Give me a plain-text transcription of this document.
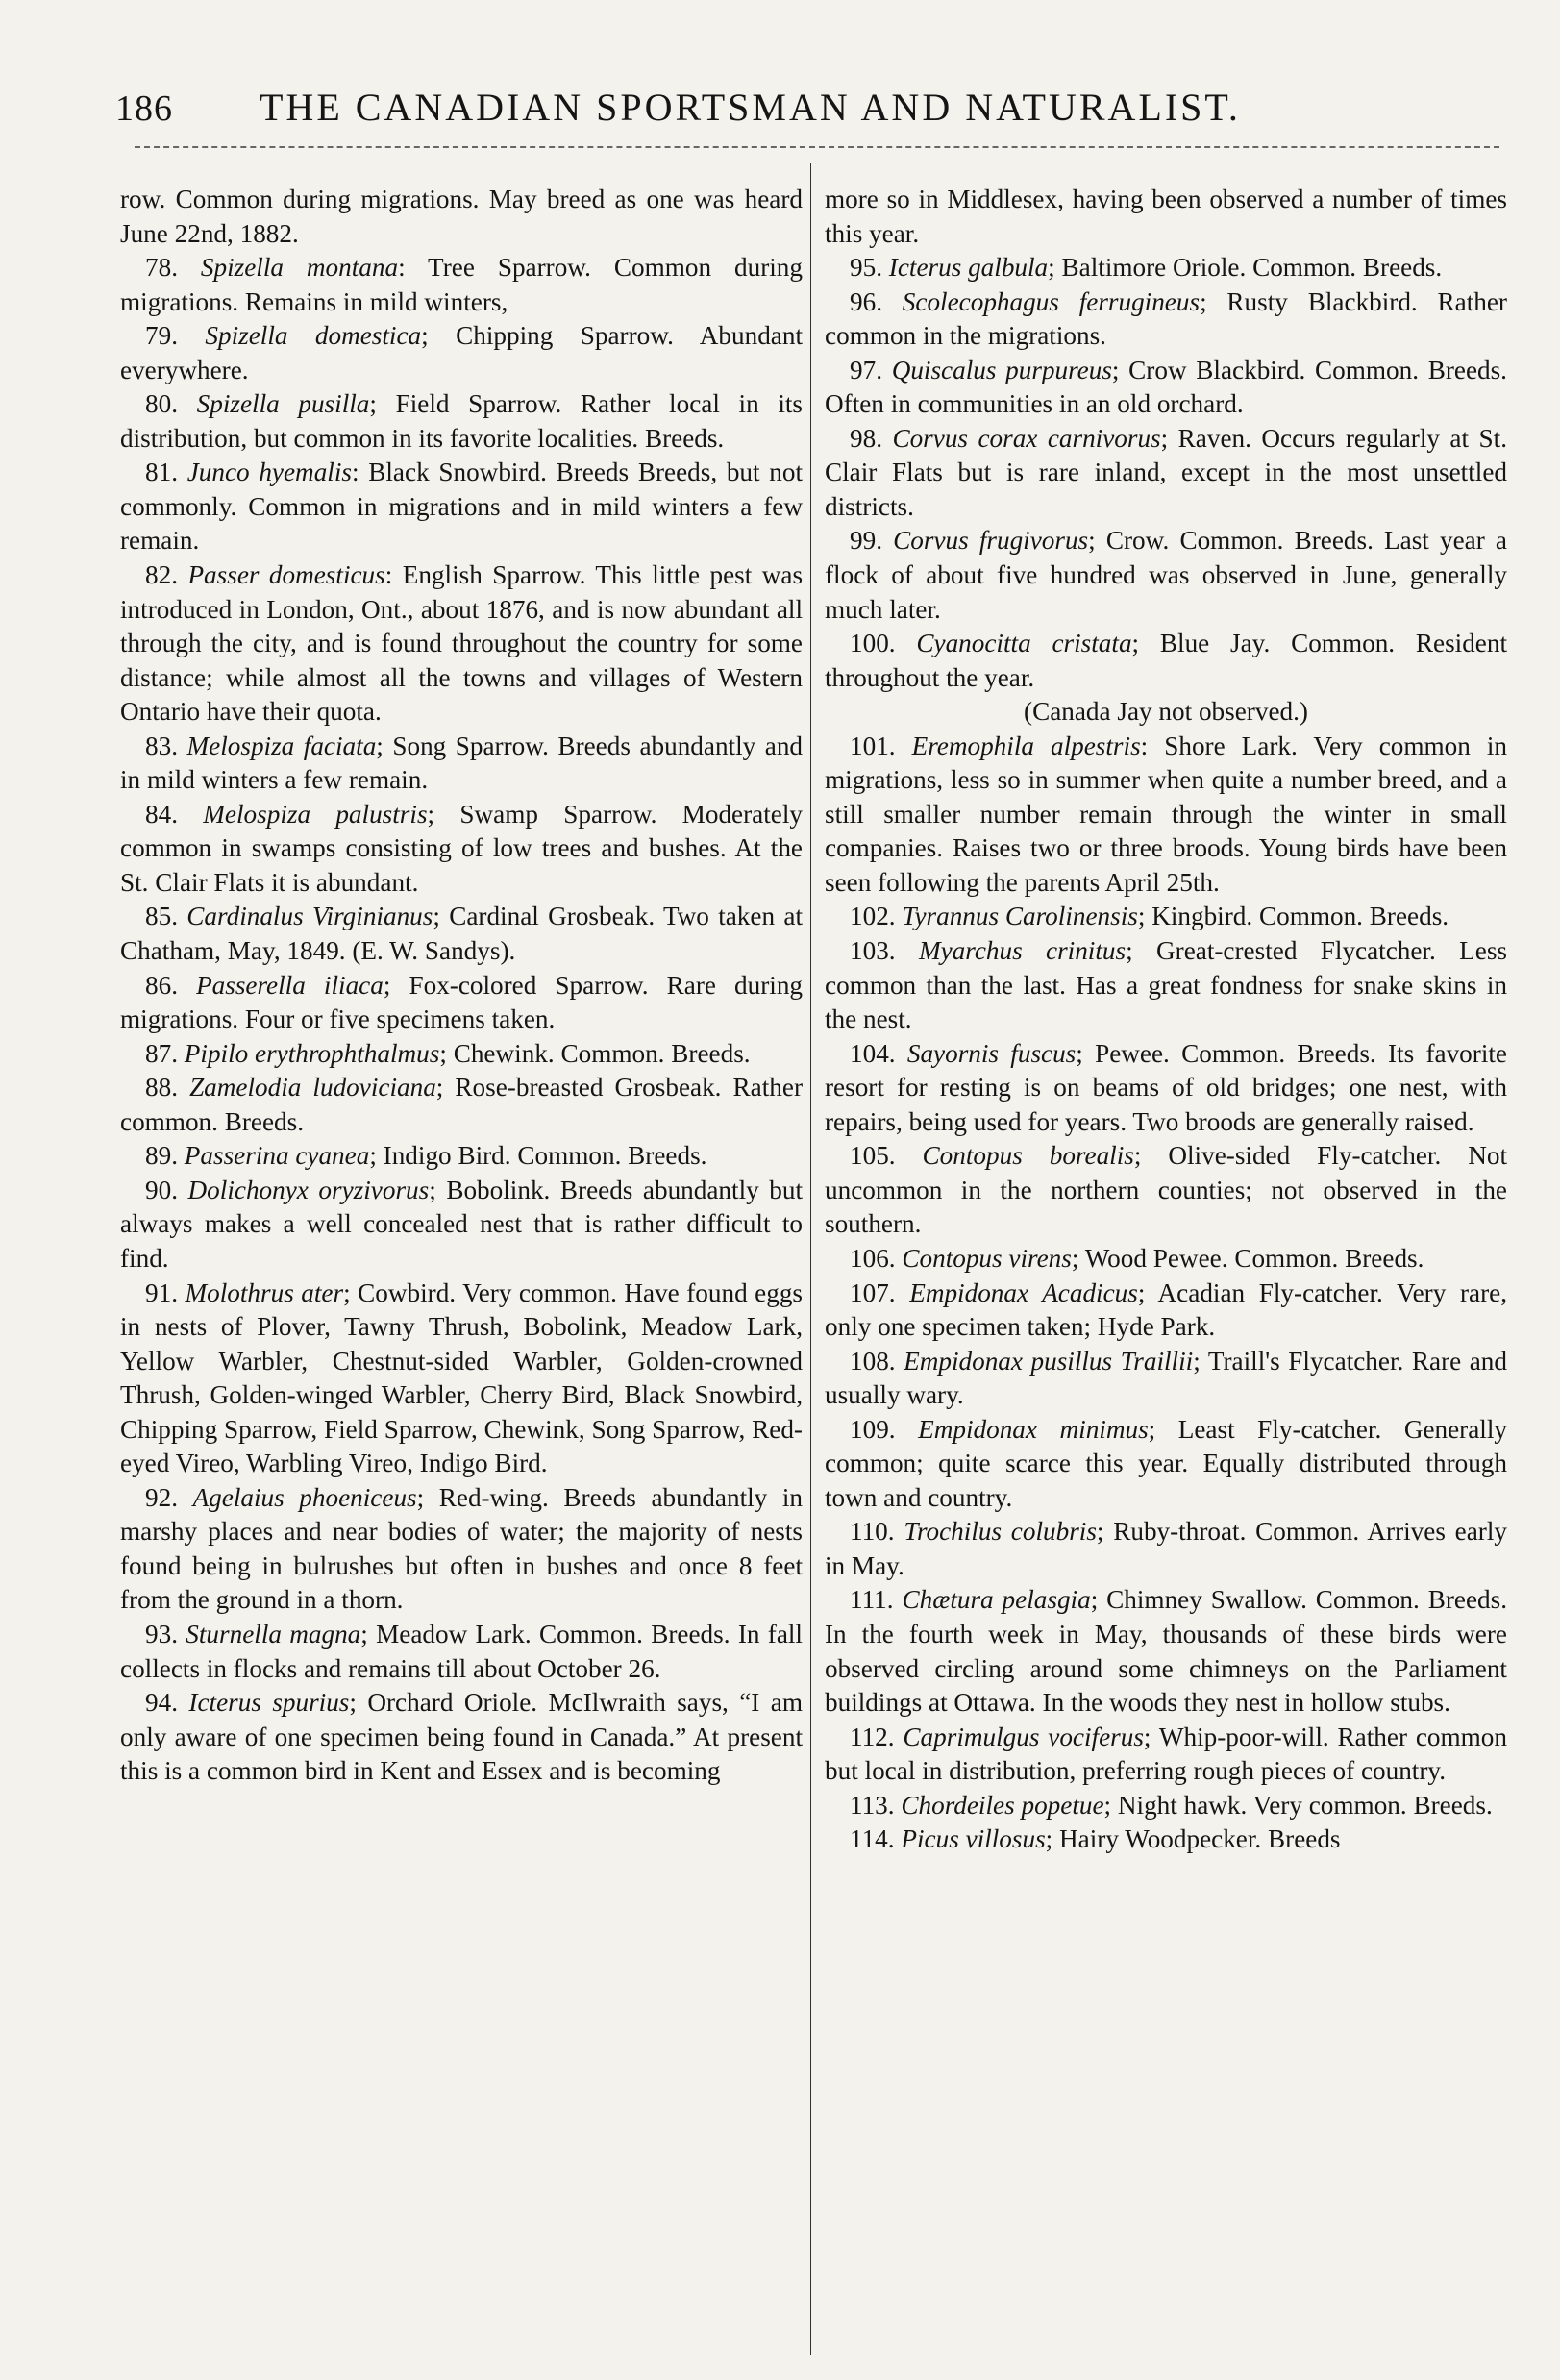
186	THE CANADIAN SPORTSMAN AND NATURALIST.

row. Common during migrations. May breed as one was heard June 22nd, 1882.

78. Spizella montana: Tree Sparrow. Common during migrations. Remains in mild winters,

79. Spizella domestica; Chipping Sparrow. Abundant everywhere.

80. Spizella pusilla; Field Sparrow. Rather local in its distribution, but common in its favorite localities. Breeds.

81. Junco hyemalis: Black Snowbird. Breeds Breeds, but not commonly. Common in migrations and in mild winters a few remain.

82. Passer domesticus: English Sparrow. This little pest was introduced in London, Ont., about 1876, and is now abundant all through the city, and is found throughout the country for some distance; while almost all the towns and villages of Western Ontario have their quota.

83. Melospiza faciata; Song Sparrow. Breeds abundantly and in mild winters a few remain.

84. Melospiza palustris; Swamp Sparrow. Moderately common in swamps consisting of low trees and bushes. At the St. Clair Flats it is abundant.

85. Cardinalus Virginianus; Cardinal Grosbeak. Two taken at Chatham, May, 1849. (E. W. Sandys).

86. Passerella iliaca; Fox-colored Sparrow. Rare during migrations. Four or five specimens taken.

87. Pipilo erythrophthalmus; Chewink. Common. Breeds.

88. Zamelodia ludoviciana; Rose-breasted Grosbeak. Rather common. Breeds.

89. Passerina cyanea; Indigo Bird. Common. Breeds.

90. Dolichonyx oryzivorus; Bobolink. Breeds abundantly but always makes a well concealed nest that is rather difficult to find.

91. Molothrus ater; Cowbird. Very common. Have found eggs in nests of Plover, Tawny Thrush, Bobolink, Meadow Lark, Yellow Warbler, Chestnut-sided Warbler, Golden-crowned Thrush, Golden-winged Warbler, Cherry Bird, Black Snowbird, Chipping Sparrow, Field Sparrow, Chewink, Song Sparrow, Red-eyed Vireo, Warbling Vireo, Indigo Bird.

92. Agelaius phoeniceus; Red-wing. Breeds abundantly in marshy places and near bodies of water; the majority of nests found being in bulrushes but often in bushes and once 8 feet from the ground in a thorn.

93. Sturnella magna; Meadow Lark. Common. Breeds. In fall collects in flocks and remains till about October 26.

94. Icterus spurius; Orchard Oriole. McIlwraith says, “I am only aware of one specimen being found in Canada.” At present this is a common bird in Kent and Essex and is becoming

more so in Middlesex, having been observed a number of times this year.

95. Icterus galbula; Baltimore Oriole. Common. Breeds.

96. Scolecophagus ferrugineus; Rusty Blackbird. Rather common in the migrations.

97. Quiscalus purpureus; Crow Blackbird. Common. Breeds. Often in communities in an old orchard.

98. Corvus corax carnivorus; Raven. Occurs regularly at St. Clair Flats but is rare inland, except in the most unsettled districts.

99. Corvus frugivorus; Crow. Common. Breeds. Last year a flock of about five hundred was observed in June, generally much later.

100. Cyanocitta cristata; Blue Jay. Common. Resident throughout the year.

(Canada Jay not observed.)

101. Eremophila alpestris: Shore Lark. Very common in migrations, less so in summer when quite a number breed, and a still smaller number remain through the winter in small companies. Raises two or three broods. Young birds have been seen following the parents April 25th.

102. Tyrannus Carolinensis; Kingbird. Common. Breeds.

103. Myarchus crinitus; Great-crested Flycatcher. Less common than the last. Has a great fondness for snake skins in the nest.

104. Sayornis fuscus; Pewee. Common. Breeds. Its favorite resort for resting is on beams of old bridges; one nest, with repairs, being used for years. Two broods are generally raised.

105. Contopus borealis; Olive-sided Fly-catcher. Not uncommon in the northern counties; not observed in the southern.

106. Contopus virens; Wood Pewee. Common. Breeds.

107. Empidonax Acadicus; Acadian Fly-catcher. Very rare, only one specimen taken; Hyde Park.

108. Empidonax pusillus Traillii; Traill's Flycatcher. Rare and usually wary.

109. Empidonax minimus; Least Fly-catcher. Generally common; quite scarce this year. Equally distributed through town and country.

110. Trochilus colubris; Ruby-throat. Common. Arrives early in May.

111. Chætura pelasgia; Chimney Swallow. Common. Breeds. In the fourth week in May, thousands of these birds were observed circling around some chimneys on the Parliament buildings at Ottawa. In the woods they nest in hollow stubs.

112. Caprimulgus vociferus; Whip-poor-will. Rather common but local in distribution, preferring rough pieces of country.

113. Chordeiles popetue; Night hawk. Very common. Breeds.

114. Picus villosus; Hairy Woodpecker. Breeds
